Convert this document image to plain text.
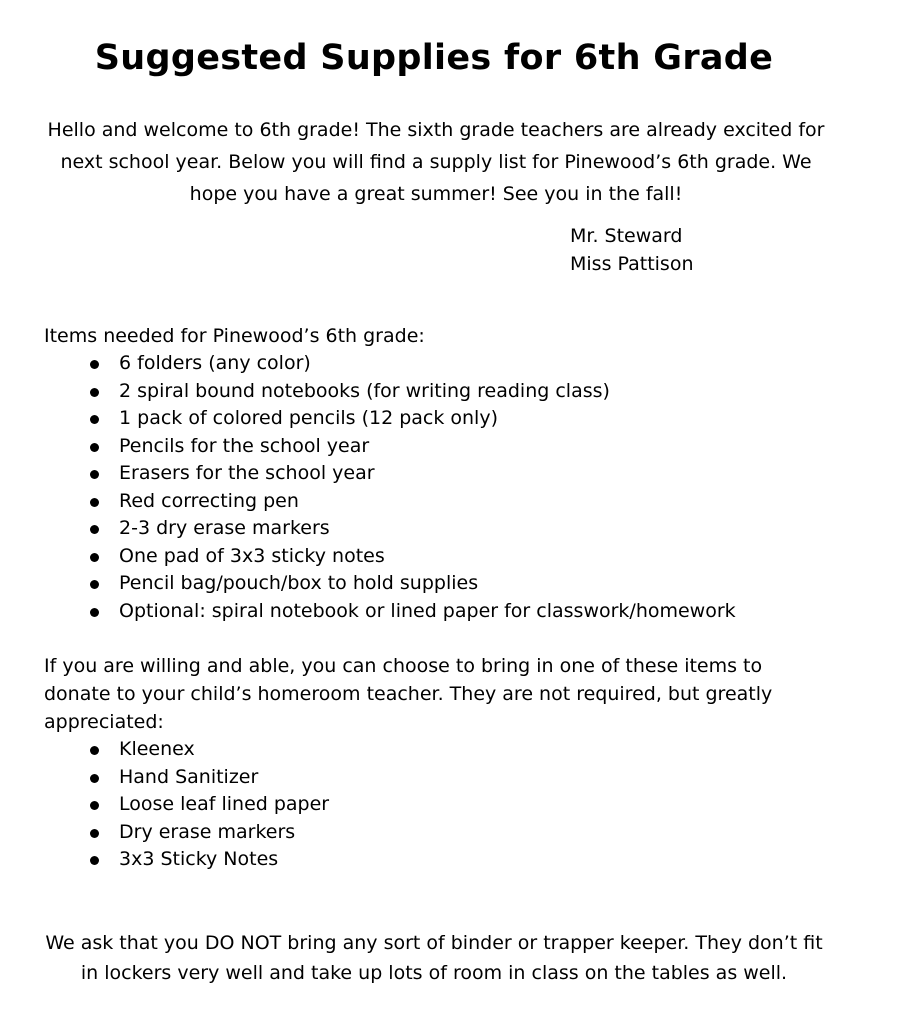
Suggested Supplies for 6th Grade
Hello and welcome to 6th grade! The sixth grade teachers are already excited for
next school year. Below you will find a supply list for Pinewood’s 6th grade. We
hope you have a great summer! See you in the fall!
Mr. Steward
Miss Pattison
Items needed for Pinewood’s 6th grade:
6 folders (any color)
2 spiral bound notebooks (for writing reading class)
1 pack of colored pencils (12 pack only)
Pencils for the school year
Erasers for the school year
Red correcting pen
2-3 dry erase markers
One pad of 3x3 sticky notes
Pencil bag/pouch/box to hold supplies
Optional: spiral notebook or lined paper for classwork/homework
If you are willing and able, you can choose to bring in one of these items to
donate to your child’s homeroom teacher. They are not required, but greatly
appreciated:
Kleenex
Hand Sanitizer
Loose leaf lined paper
Dry erase markers
3x3 Sticky Notes
We ask that you DO NOT bring any sort of binder or trapper keeper. They don’t fit
in lockers very well and take up lots of room in class on the tables as well.
